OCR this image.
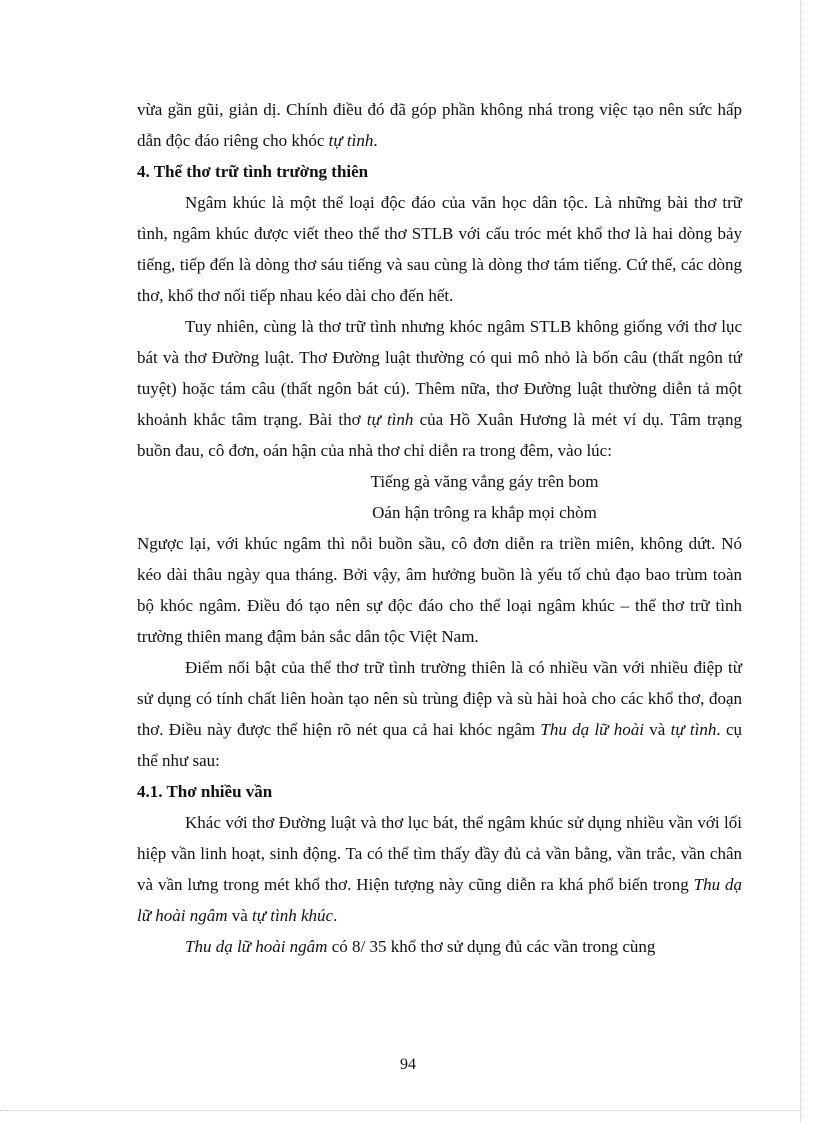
vừa gần gũi, giản dị. Chính điều đó đã góp phần không nhá trong việc tạo nên sức hấp dẫn độc đáo riêng cho khóc tự tình.

4. Thể thơ trữ tình trường thiên

Ngâm khúc là một thể loại độc đáo của văn học dân tộc. Là những bài thơ trữ tình, ngâm khúc được viết theo thể thơ STLB với cấu tróc mét khổ thơ là hai dòng bảy tiếng, tiếp đến là dòng thơ sáu tiếng và sau cùng là dòng thơ tám tiếng. Cứ thế, các dòng thơ, khổ thơ nối tiếp nhau kéo dài cho đến hết.

Tuy nhiên, cùng là thơ trữ tình nhưng khóc ngâm STLB không giống với thơ lục bát và thơ Đường luật. Thơ Đường luật thường có qui mô nhỏ là bốn câu (thất ngôn tứ tuyệt) hoặc tám câu (thất ngôn bát cú). Thêm nữa, thơ Đường luật thường diễn tả một khoảnh khắc tâm trạng. Bài thơ tự tình của Hồ Xuân Hương là mét ví dụ. Tâm trạng buồn đau, cô đơn, oán hận của nhà thơ chỉ diễn ra trong đêm, vào lúc:

Tiếng gà văng vẳng gáy trên bom

Oán hận trông ra khắp mọi chòm

Ngược lại, với khúc ngâm thì nỗi buồn sầu, cô đơn diễn ra triền miên, không dứt. Nó kéo dài thâu ngày qua tháng. Bởi vậy, âm hưởng buồn là yếu tố chủ đạo bao trùm toàn bộ khóc ngâm. Điều đó tạo nên sự độc đáo cho thể loại ngâm khúc – thể thơ trữ tình trường thiên mang đậm bản sắc dân tộc Việt Nam.

Điểm nổi bật của thể thơ trữ tình trường thiên là có nhiều vần với nhiều điệp từ sử dụng có tính chất liên hoàn tạo nên sù trùng điệp và sù hài hoà cho các khổ thơ, đoạn thơ. Điều này được thể hiện rõ nét qua cả hai khóc ngâm Thu dạ lữ hoài và tự tình. cụ thể như sau:

4.1. Thơ nhiều vần

Khác với thơ Đường luật và thơ lục bát, thể ngâm khúc sử dụng nhiều vần với lối hiệp vần linh hoạt, sinh động. Ta có thể tìm thấy đầy đủ cả vần bằng, vần trắc, vần chân và vần lưng trong mét khổ thơ. Hiện tượng này cũng diễn ra khá phổ biến trong Thu dạ lữ hoài ngâm và tự tình khúc.

Thu dạ lữ hoài ngâm có 8/ 35 khổ thơ sử dụng đủ các vần trong cùng

94
